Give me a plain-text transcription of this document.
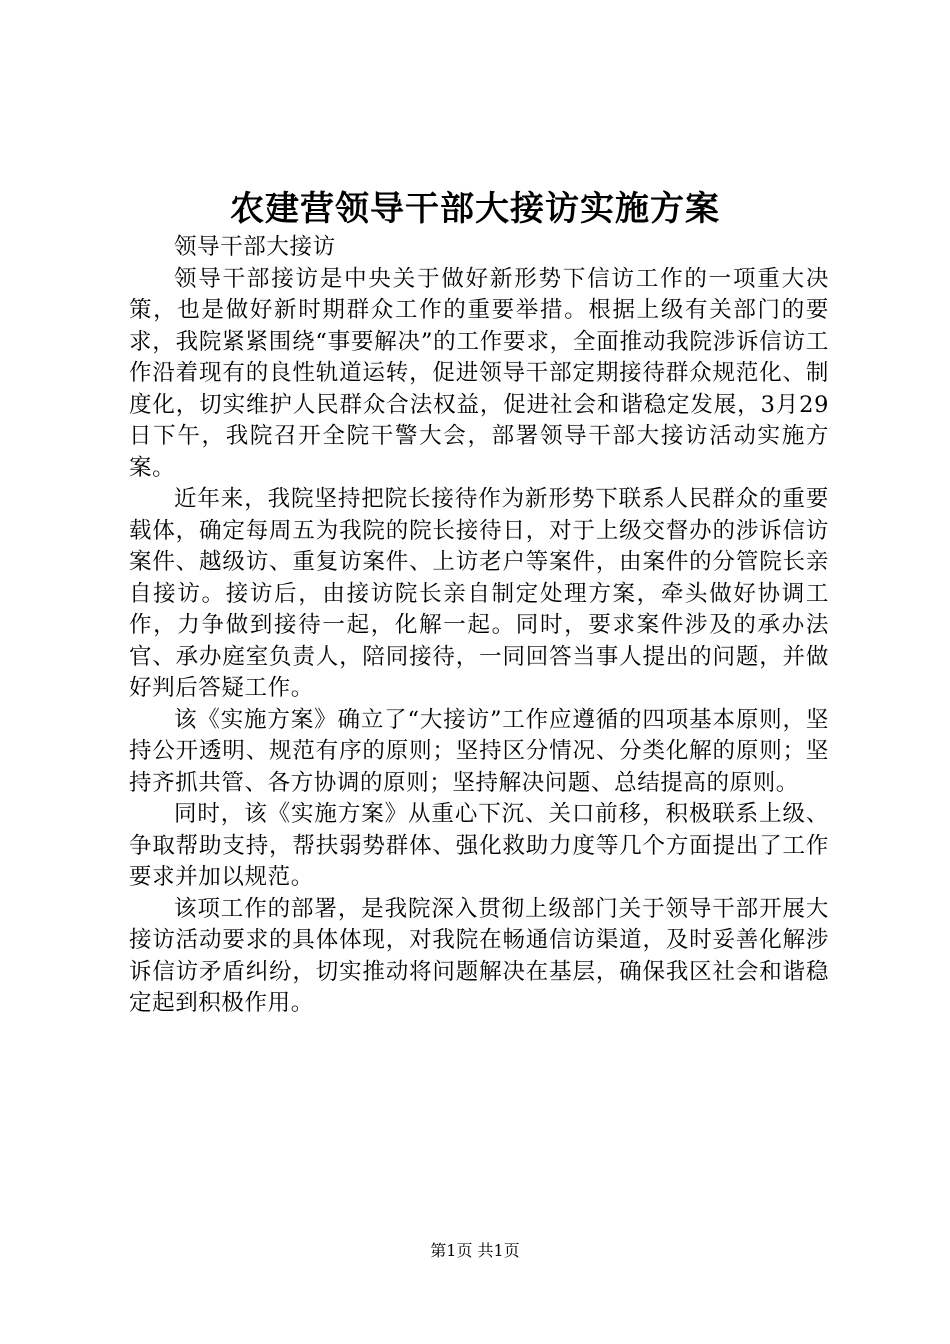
农建营领导干部大接访实施方案

领导干部大接访

领导干部接访是中央关于做好新形势下信访工作的一项重大决策，也是做好新时期群众工作的重要举措。根据上级有关部门的要求，我院紧紧围绕“事要解决”的工作要求，全面推动我院涉诉信访工作沿着现有的良性轨道运转，促进领导干部定期接待群众规范化、制度化，切实维护人民群众合法权益，促进社会和谐稳定发展，3月29日下午，我院召开全院干警大会，部署领导干部大接访活动实施方案。

近年来，我院坚持把院长接待作为新形势下联系人民群众的重要载体，确定每周五为我院的院长接待日，对于上级交督办的涉诉信访案件、越级访、重复访案件、上访老户等案件，由案件的分管院长亲自接访。接访后，由接访院长亲自制定处理方案，牵头做好协调工作，力争做到接待一起，化解一起。同时，要求案件涉及的承办法官、承办庭室负责人，陪同接待，一同回答当事人提出的问题，并做好判后答疑工作。

该《实施方案》确立了“大接访”工作应遵循的四项基本原则，坚持公开透明、规范有序的原则；坚持区分情况、分类化解的原则；坚持齐抓共管、各方协调的原则；坚持解决问题、总结提高的原则。

同时，该《实施方案》从重心下沉、关口前移，积极联系上级、争取帮助支持，帮扶弱势群体、强化救助力度等几个方面提出了工作要求并加以规范。

该项工作的部署，是我院深入贯彻上级部门关于领导干部开展大接访活动要求的具体体现，对我院在畅通信访渠道，及时妥善化解涉诉信访矛盾纠纷，切实推动将问题解决在基层，确保我区社会和谐稳定起到积极作用。

第1页 共1页
